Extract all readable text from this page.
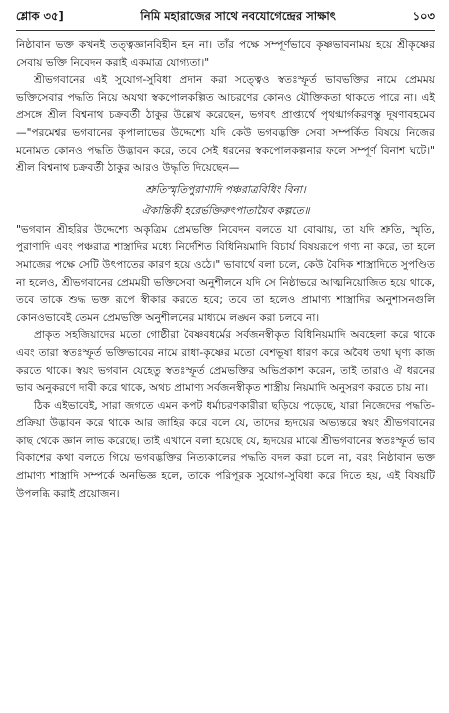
শ্লোক ৩৫]	নিমি মহারাজের সাথে নবযোগেন্দ্রের সাক্ষাৎ	১০৩

নিষ্ঠাবান ভক্ত কখনই তত্ত্বজ্ঞানবিহীন হন না। তাঁর পক্ষে সম্পূর্ণভাবে কৃষ্ণভাবনাময় হয়ে শ্রীকৃষ্ণের সেবায় ভক্তি নিবেদন করাই একমাত্র যোগ্যতা।"

শ্রীভগবানের এই সুযোগ-সুবিধা প্রদান করা সত্ত্বেও স্বতঃস্ফূর্ত ভাবভক্তির নামে প্রেমময় ভক্তিসেবার পদ্ধতি নিয়ে অযথা স্বকপোলকল্পিত আচরণের কোনও যৌক্তিকতা থাকতে পারে না। এই প্রসঙ্গে শ্রীল বিশ্বনাথ চক্রবর্তী ঠাকুর উল্লেখ করেছেন, ভগবৎ প্রাপ্ত্যর্থে পৃথগ্মার্গকরণস্তু দূষণাবহমেব—"পরমেশ্বর ভগবানের কৃপালাভের উদ্দেশ্যে যদি কেউ ভগবদ্ভক্তি সেবা সম্পর্কিত বিষয়ে নিজের মনোমত কোনও পদ্ধতি উদ্ভাবন করে, তবে সেই ধরনের স্বকপোলকল্পনার ফলে সম্পূর্ণ বিনাশ ঘটে।" শ্রীল বিশ্বনাথ চক্রবর্তী ঠাকুর আরও উদ্ধৃতি দিয়েছেন—

শ্রুতিস্মৃতিপুরাণাদি পঞ্চরাত্রবিধিং বিনা।
ঐকান্তিকী হরের্ভক্তিরুৎপাতায়ৈব কল্পতে॥

"ভগবান শ্রীহরির উদ্দেশ্যে অকৃত্রিম প্রেমভক্তি নিবেদন বলতে যা বোঝায়, তা যদি শ্রুতি, স্মৃতি, পুরাণাদি এবং পঞ্চরাত্র শাস্ত্রাদির মধ্যে নির্দেশিত বিধিনিয়মাদি বিচার্য বিষয়রূপে গণ্য না করে, তা হলে সমাজের পক্ষে সেটি উৎপাতের কারণ হয়ে ওঠে।" ভাবার্থে বলা চলে, কেউ বৈদিক শাস্ত্রাদিতে সুপণ্ডিত না হলেও, শ্রীভগবানের প্রেমময়ী ভক্তিসেবা অনুশীলনে যদি সে নিষ্ঠাভরে আত্মনিয়োজিত হয়ে থাকে, তবে তাকে শুদ্ধ ভক্ত রূপে স্বীকার করতে হবে; তবে তা হলেও প্রামাণ্য শাস্ত্রাদির অনুশাসনগুলি কোনওভাবেই তেমন প্রেমভক্তি অনুশীলনের মাধ্যমে লঙ্ঘন করা চলবে না।

প্রাকৃত সহজিয়াদের মতো গোষ্ঠীরা বৈষ্ণবধর্মের সর্বজনস্বীকৃত বিধিনিয়মাদি অবহেলা করে থাকে এবং তারা স্বতঃস্ফূর্ত ভক্তিভাবের নামে রাধা-কৃষ্ণের মতো বেশভূষা ধারণ করে অবৈধ তথা ঘৃণ্য কাজ করতে থাকে। স্বয়ং ভগবান যেহেতু স্বতঃস্ফূর্ত প্রেমভক্তির অভিপ্রকাশ করেন, তাই তারাও ঐ ধরনের ভাব অনুকরণে দাবী করে থাকে, অথচ প্রামাণ্য সর্বজনস্বীকৃত শাস্ত্রীয় নিয়মাদি অনুসরণ করতে চায় না।

ঠিক এইভাবেই, সারা জগতে এমন কপট ধর্মাচরণকারীরা ছড়িয়ে পড়েছে, যারা নিজেদের পদ্ধতি-প্রক্রিয়া উদ্ভাবন করে থাকে আর জাহির করে বলে যে, তাদের হৃদয়ের অভ্যন্তরে স্বয়ং শ্রীভগবানের কাছ থেকে জ্ঞান লাভ করেছে। তাই এখানে বলা হয়েছে যে, হৃদয়ের মাঝে শ্রীভগবানের স্বতঃস্ফূর্ত ভাব বিকাশের কথা বলতে গিয়ে ভগবদ্ভক্তির নিত্যকালের পদ্ধতি বদল করা চলে না, বরং নিষ্ঠাবান ভক্ত প্রামাণ্য শাস্ত্রাদি সম্পর্কে অনভিজ্ঞ হলে, তাকে পরিপূরক সুযোগ-সুবিধা করে দিতে হয়, এই বিষয়টি উপলব্ধি করাই প্রয়োজন।
